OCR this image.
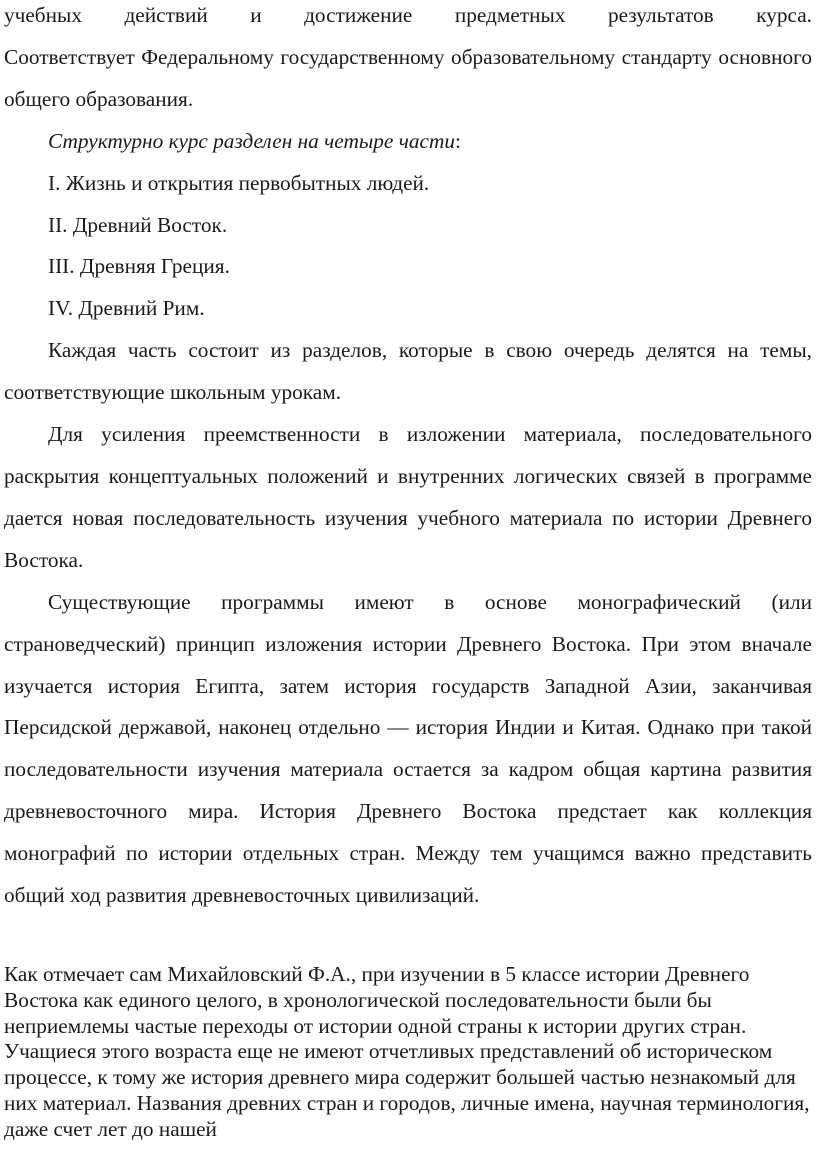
учебных действий и достижение предметных результатов курса.

Соответствует Федеральному государственному образовательному стандарту основного общего образования.

Структурно курс разделен на четыре части:

I. Жизнь и открытия первобытных людей.

II. Древний Восток.

III. Древняя Греция.

IV. Древний Рим.

Каждая часть состоит из разделов, которые в свою очередь делятся на темы, соответствующие школьным урокам.

Для усиления преемственности в изложении материала, последовательного раскрытия концептуальных положений и внутренних логических связей в программе дается новая последовательность изучения учебного материала по истории Древнего Востока.

Существующие программы имеют в основе монографический (или страноведческий) принцип изложения истории Древнего Востока. При этом вначале изучается история Египта, затем история государств Западной Азии, заканчивая Персидской державой, наконец отдельно — история Индии и Китая. Однако при такой последовательности изучения материала остается за кадром общая картина развития древневосточного мира. История Древнего Востока предстает как коллекция монографий по истории отдельных стран. Между тем учащимся важно представить общий ход развития древневосточных цивилизаций.

Как отмечает сам Михайловский Ф.А., при изучении в 5 классе истории Древнего Востока как единого целого, в хронологической последовательности были бы неприемлемы частые переходы от истории одной страны к истории других стран. Учащиеся этого возраста еще не имеют отчетливых представлений об историческом процессе, к тому же история древнего мира содержит большей частью незнакомый для них материал. Названия древних стран и городов, личные имена, научная терминология, даже счет лет до нашей
